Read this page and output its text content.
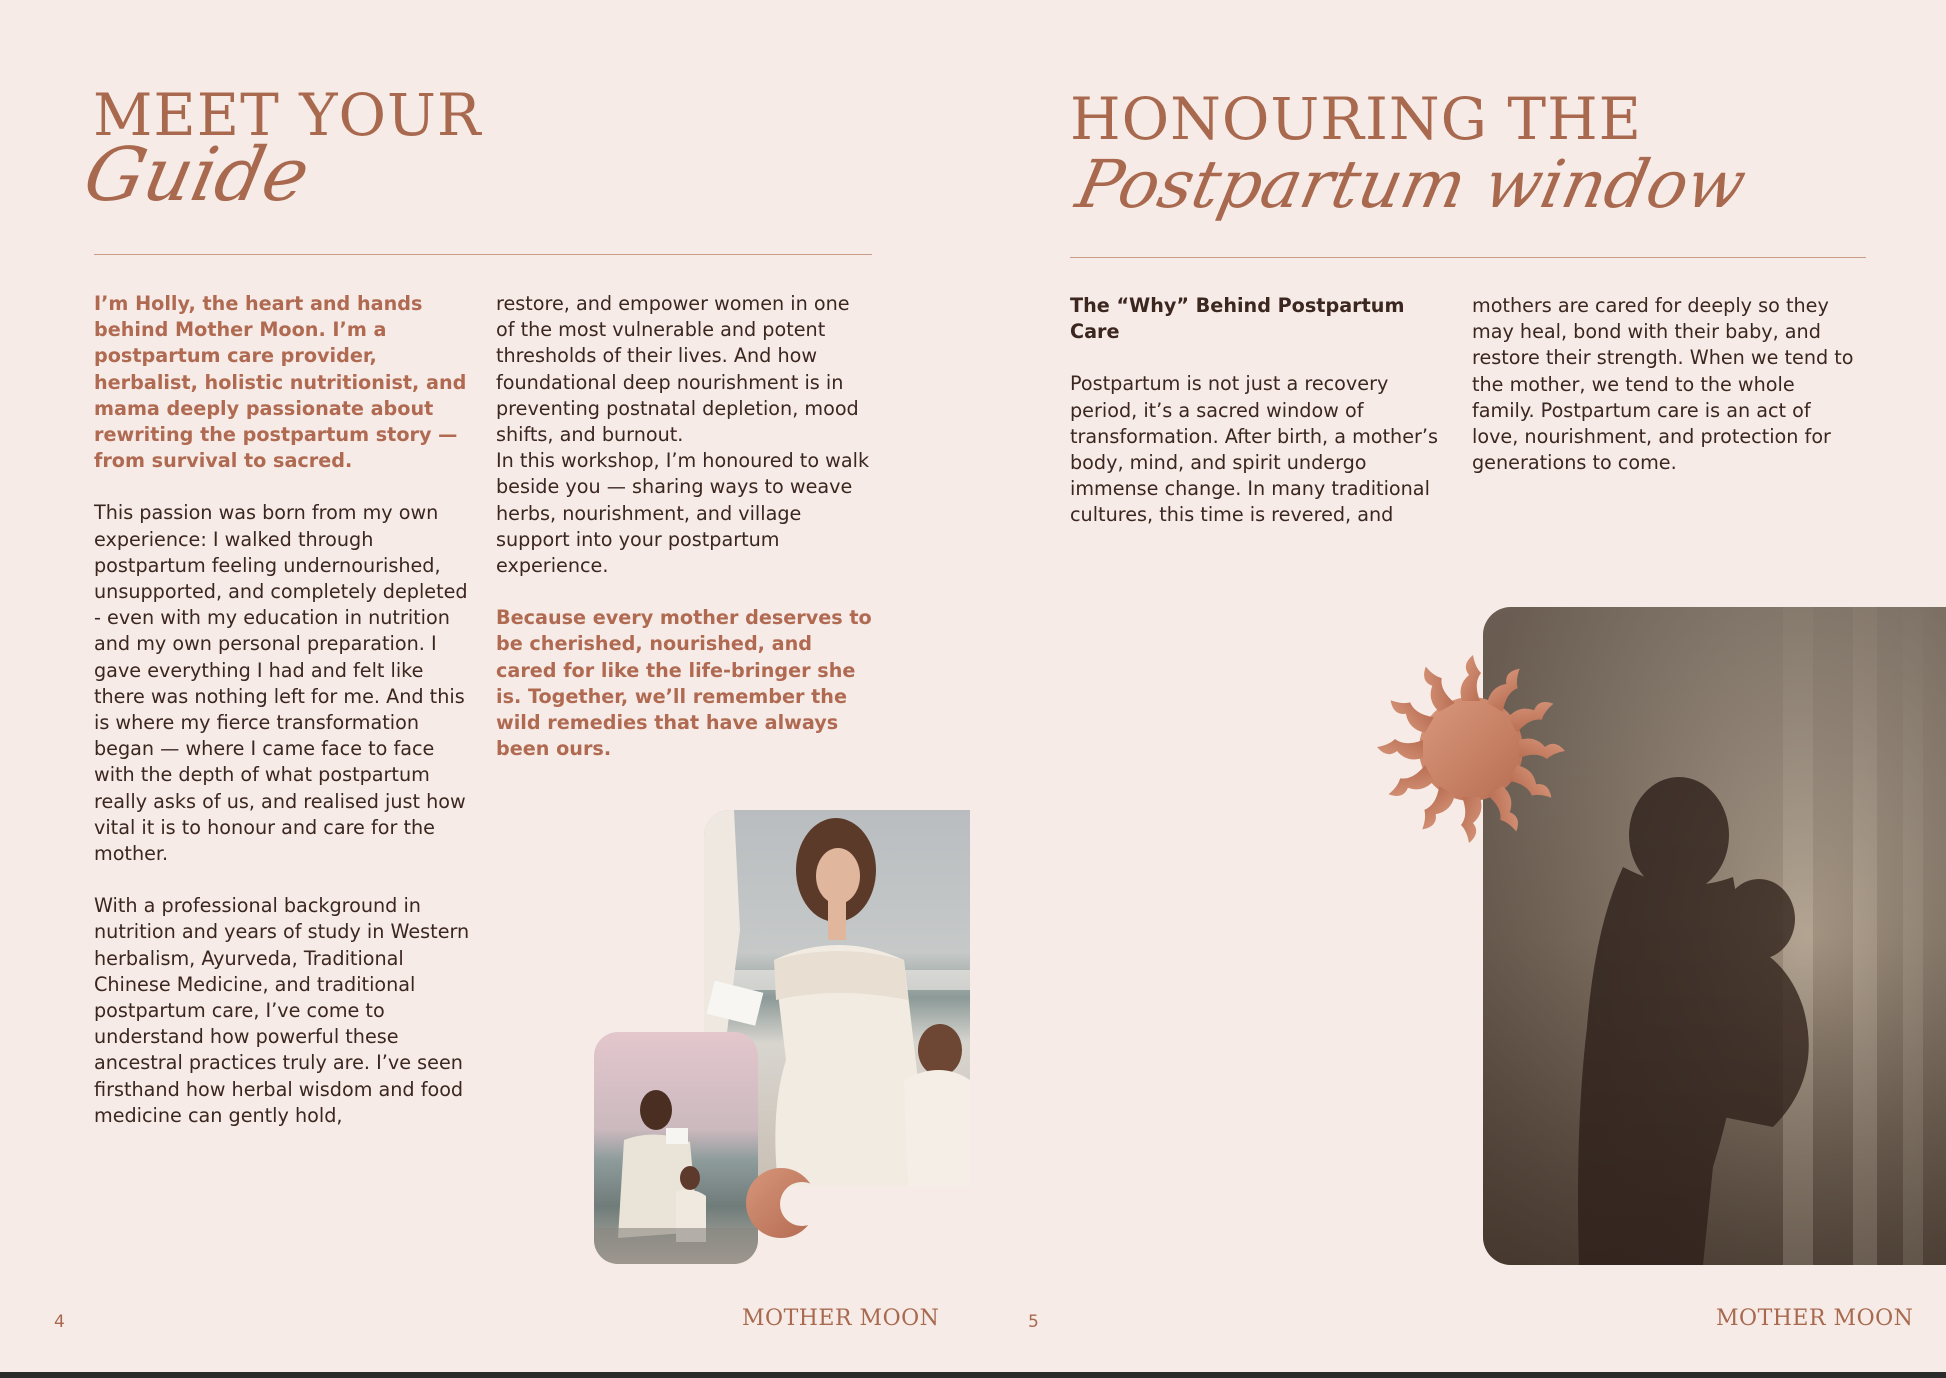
MEET YOUR
Guide

I’m Holly, the heart and hands behind Mother Moon. I’m a postpartum care provider, herbalist, holistic nutritionist, and mama deeply passionate about rewriting the postpartum story — from survival to sacred.

This passion was born from my own experience: I walked through postpartum feeling undernourished, unsupported, and completely depleted - even with my education in nutrition and my own personal preparation. I gave everything I had and felt like there was nothing left for me. And this is where my fierce transformation began — where I came face to face with the depth of what postpartum really asks of us, and realised just how vital it is to honour and care for the mother.

With a professional background in nutrition and years of study in Western herbalism, Ayurveda, Traditional Chinese Medicine, and traditional postpartum care, I’ve come to understand how powerful these ancestral practices truly are. I’ve seen firsthand how herbal wisdom and food medicine can gently hold,

restore, and empower women in one of the most vulnerable and potent thresholds of their lives. And how foundational deep nourishment is in preventing postnatal depletion, mood shifts, and burnout.

In this workshop, I’m honoured to walk beside you — sharing ways to weave herbs, nourishment, and village support into your postpartum experience.

Because every mother deserves to be cherished, nourished, and cared for like the life-bringer she is. Together, we’ll remember the wild remedies that have always been ours.

4	MOTHER MOON
HONOURING THE
Postpartum window

The “Why” Behind Postpartum Care

Postpartum is not just a recovery period, it’s a sacred window of transformation. After birth, a mother’s body, mind, and spirit undergo immense change. In many traditional cultures, this time is revered, and

mothers are cared for deeply so they may heal, bond with their baby, and restore their strength. When we tend to the mother, we tend to the whole family. Postpartum care is an act of love, nourishment, and protection for generations to come.

5	MOTHER MOON
